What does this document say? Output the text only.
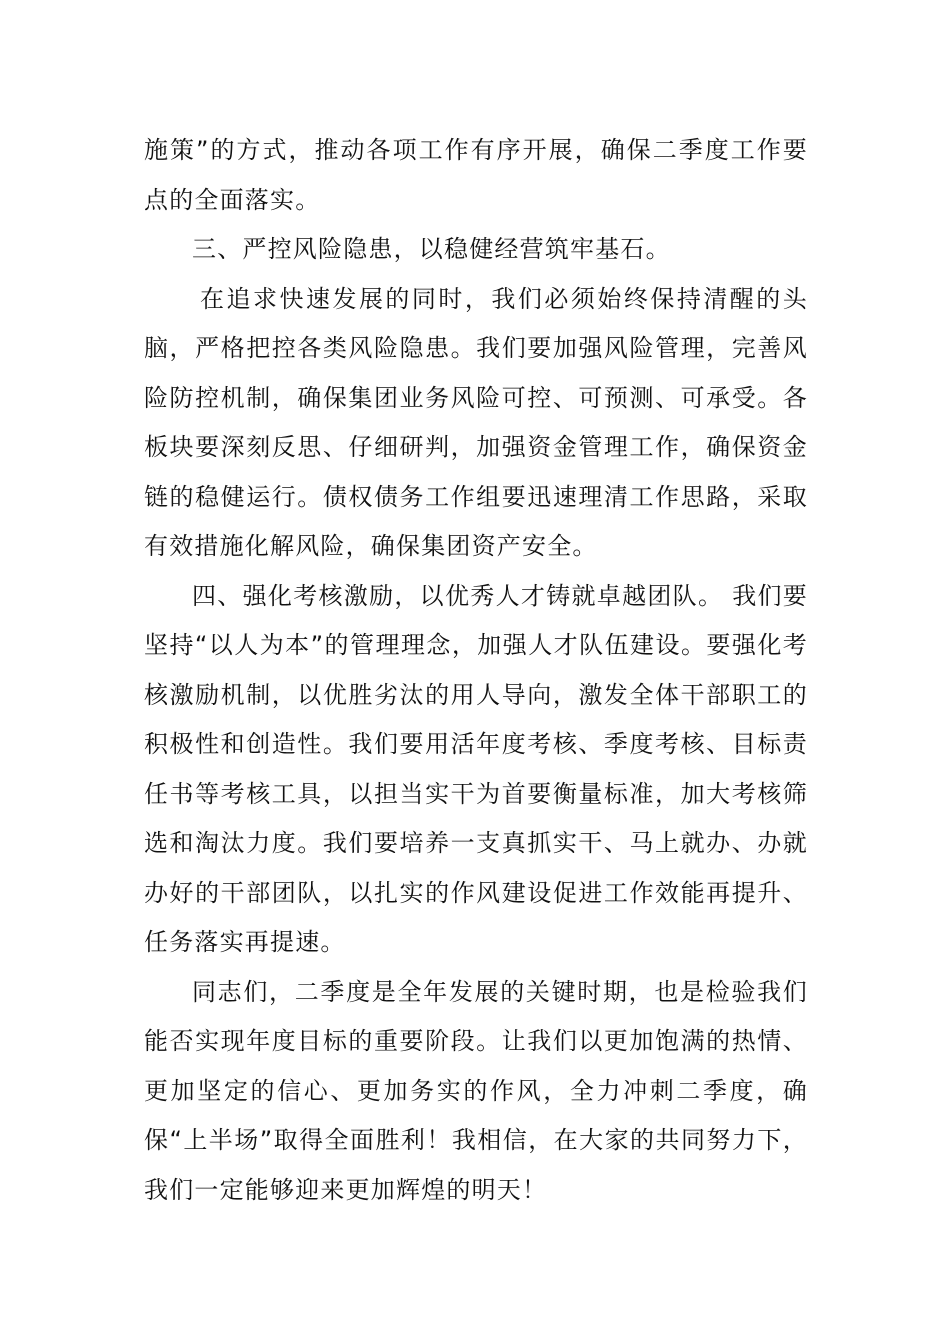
施策”的方式，推动各项工作有序开展，确保二季度工作要点的全面落实。

三、严控风险隐患，以稳健经营筑牢基石。

在追求快速发展的同时，我们必须始终保持清醒的头脑，严格把控各类风险隐患。我们要加强风险管理，完善风险防控机制，确保集团业务风险可控、可预测、可承受。各板块要深刻反思、仔细研判，加强资金管理工作，确保资金链的稳健运行。债权债务工作组要迅速理清工作思路，采取有效措施化解风险，确保集团资产安全。

四、强化考核激励，以优秀人才铸就卓越团队。 我们要坚持“以人为本”的管理理念，加强人才队伍建设。要强化考核激励机制，以优胜劣汰的用人导向，激发全体干部职工的积极性和创造性。我们要用活年度考核、季度考核、目标责任书等考核工具，以担当实干为首要衡量标准，加大考核筛选和淘汰力度。我们要培养一支真抓实干、马上就办、办就办好的干部团队，以扎实的作风建设促进工作效能再提升、任务落实再提速。

同志们，二季度是全年发展的关键时期，也是检验我们能否实现年度目标的重要阶段。让我们以更加饱满的热情、更加坚定的信心、更加务实的作风，全力冲刺二季度，确保“上半场”取得全面胜利！我相信，在大家的共同努力下，我们一定能够迎来更加辉煌的明天！
